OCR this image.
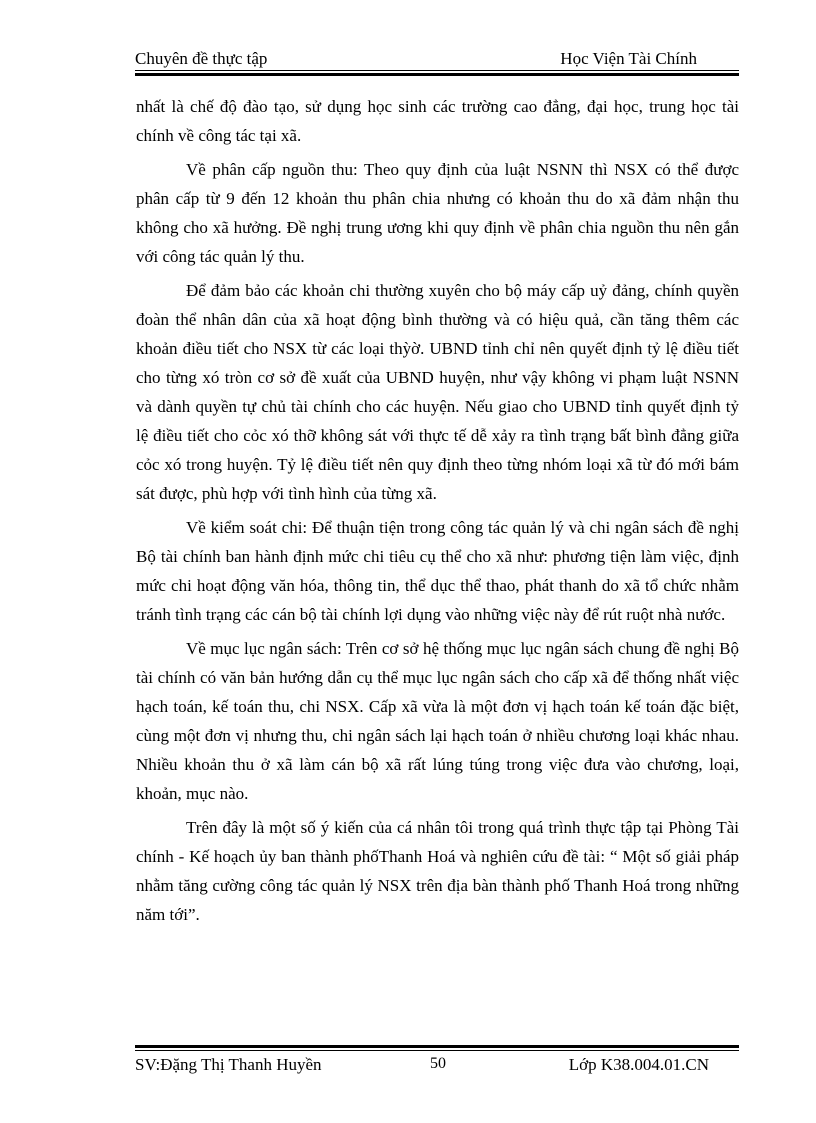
Chuyên đề thực tập	Học Viện Tài Chính

nhất là chế độ đào tạo, sử dụng học sinh các trường cao đẳng, đại học, trung học tài chính về công tác tại xã.

Về phân cấp nguồn thu: Theo quy định của luật NSNN thì NSX có thể được phân cấp từ 9 đến 12 khoản thu phân chia nhưng có khoản thu do xã đảm nhận thu không cho xã hưởng. Đề nghị trung ương khi quy định về phân chia nguồn thu nên gắn với công tác quản lý thu.

Để đảm bảo các khoản chi thường xuyên cho bộ máy cấp uỷ đảng, chính quyền đoàn thể nhân dân của xã hoạt động bình thường và có hiệu quả, cần tăng thêm các khoản điều tiết cho NSX từ các loại thỳờ. UBND tỉnh chỉ nên quyết định tỷ lệ điều tiết cho từng xó tròn cơ sở đề xuất của UBND huyện, như vậy không vi phạm luật NSNN và dành quyền tự chủ tài chính cho các huyện. Nếu giao cho UBND tỉnh quyết định tỷ lệ điều tiết cho cỏc xó thỡ không sát với thực tế dễ xảy ra tình trạng bất bình đẳng giữa cỏc xó trong huyện. Tỷ lệ điều tiết nên quy định theo từng nhóm loại xã từ đó mới bám sát được, phù hợp với tình hình của từng xã.

Về kiểm soát chi: Để thuận tiện trong công tác quản lý và chi ngân sách đề nghị Bộ tài chính ban hành định mức chi tiêu cụ thể cho xã như: phương tiện làm việc, định mức chi hoạt động văn hóa, thông tin, thể dục thể thao, phát thanh do xã tổ chức nhằm tránh tình trạng các cán bộ tài chính lợi dụng vào những việc này để rút ruột nhà nước.

Về mục lục ngân sách: Trên cơ sở hệ thống mục lục ngân sách chung đề nghị Bộ tài chính có văn bản hướng dẫn cụ thể mục lục ngân sách cho cấp xã để thống nhất việc hạch toán, kế toán thu, chi NSX. Cấp xã vừa là một đơn vị hạch toán kế toán đặc biệt, cùng một đơn vị nhưng thu, chi ngân sách lại hạch toán ở nhiều chương loại khác nhau. Nhiều khoản thu ở xã làm cán bộ xã rất lúng túng trong việc đưa vào chương, loại, khoản, mục nào.

Trên đây là một số ý kiến của cá nhân tôi trong quá trình thực tập tại Phòng Tài chính - Kế hoạch ủy ban thành phốThanh Hoá và nghiên cứu đề tài: “ Một số giải pháp nhằm tăng cường công tác quản lý NSX trên địa bàn thành phố Thanh Hoá trong những năm tới”.

SV:Đặng Thị Thanh Huyền	50	Lớp K38.004.01.CN
